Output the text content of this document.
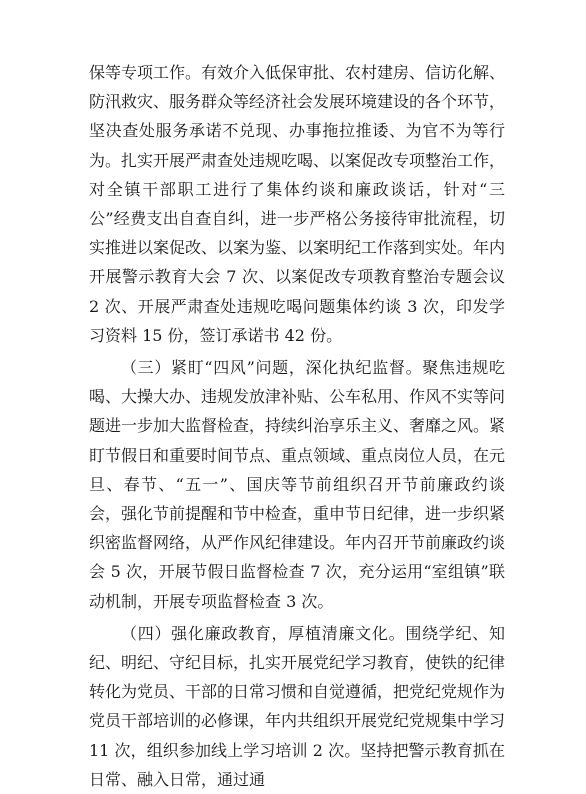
保等专项工作。有效介入低保审批、农村建房、信访化解、防汛救灾、服务群众等经济社会发展环境建设的各个环节，坚决查处服务承诺不兑现、办事拖拉推诿、为官不为等行为。扎实开展严肃查处违规吃喝、以案促改专项整治工作，对全镇干部职工进行了集体约谈和廉政谈话，针对“三公”经费支出自查自纠，进一步严格公务接待审批流程，切实推进以案促改、以案为鉴、以案明纪工作落到实处。年内开展警示教育大会 7 次、以案促改专项教育整治专题会议 2 次、开展严肃查处违规吃喝问题集体约谈 3 次，印发学习资料 15 份，签订承诺书 42 份。

（三）紧盯“四风”问题，深化执纪监督。聚焦违规吃喝、大操大办、违规发放津补贴、公车私用、作风不实等问题进一步加大监督检查，持续纠治享乐主义、奢靡之风。紧盯节假日和重要时间节点、重点领域、重点岗位人员，在元旦、春节、“五一”、国庆等节前组织召开节前廉政约谈会，强化节前提醒和节中检查，重申节日纪律，进一步织紧织密监督网络，从严作风纪律建设。年内召开节前廉政约谈会 5 次，开展节假日监督检查 7 次，充分运用“室组镇”联动机制，开展专项监督检查 3 次。

（四）强化廉政教育，厚植清廉文化。围绕学纪、知纪、明纪、守纪目标，扎实开展党纪学习教育，使铁的纪律转化为党员、干部的日常习惯和自觉遵循，把党纪党规作为党员干部培训的必修课，年内共组织开展党纪党规集中学习 11 次，组织参加线上学习培训 2 次。坚持把警示教育抓在日常、融入日常，通过通
